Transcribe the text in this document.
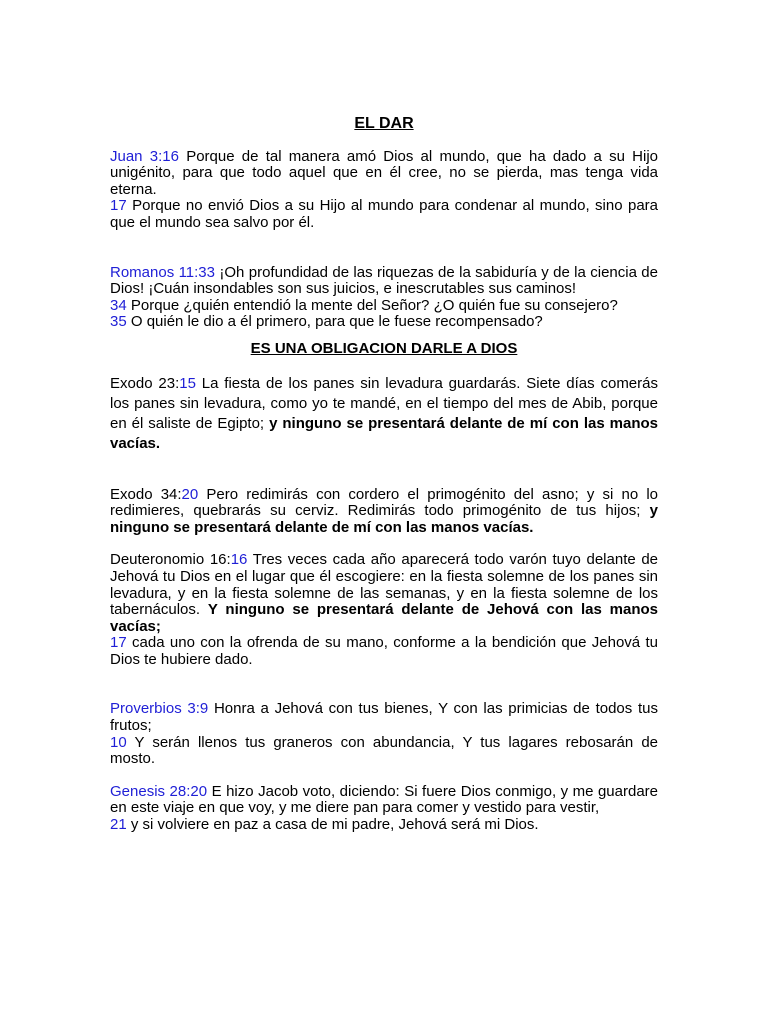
EL DAR

Juan 3:16 Porque de tal manera amó Dios al mundo, que ha dado a su Hijo unigénito, para que todo aquel que en él cree, no se pierda, mas tenga vida eterna.

17 Porque no envió Dios a su Hijo al mundo para condenar al mundo, sino para que el mundo sea salvo por él.

Romanos 11:33 ¡Oh profundidad de las riquezas de la sabiduría y de la ciencia de Dios! ¡Cuán insondables son sus juicios, e inescrutables sus caminos!

34 Porque ¿quién entendió la mente del Señor? ¿O quién fue su consejero?

35 O quién le dio a él primero, para que le fuese recompensado?

ES UNA OBLIGACION DARLE A DIOS

Exodo 23:15 La fiesta de los panes sin levadura guardarás. Siete días comerás los panes sin levadura, como yo te mandé, en el tiempo del mes de Abib, porque en él saliste de Egipto; y ninguno se presentará delante de mí con las manos vacías.

Exodo 34:20 Pero redimirás con cordero el primogénito del asno; y si no lo redimieres, quebrarás su cerviz. Redimirás todo primogénito de tus hijos; y ninguno se presentará delante de mí con las manos vacías.

Deuteronomio 16:16 Tres veces cada año aparecerá todo varón tuyo delante de Jehová tu Dios en el lugar que él escogiere: en la fiesta solemne de los panes sin levadura, y en la fiesta solemne de las semanas, y en la fiesta solemne de los tabernáculos. Y ninguno se presentará delante de Jehová con las manos vacías;

17 cada uno con la ofrenda de su mano, conforme a la bendición que Jehová tu Dios te hubiere dado.

Proverbios 3:9 Honra a Jehová con tus bienes, Y con las primicias de todos tus frutos;

10 Y serán llenos tus graneros con abundancia, Y tus lagares rebosarán de mosto.

Genesis 28:20 E hizo Jacob voto, diciendo: Si fuere Dios conmigo, y me guardare en este viaje en que voy, y me diere pan para comer y vestido para vestir,

21 y si volviere en paz a casa de mi padre, Jehová será mi Dios.
